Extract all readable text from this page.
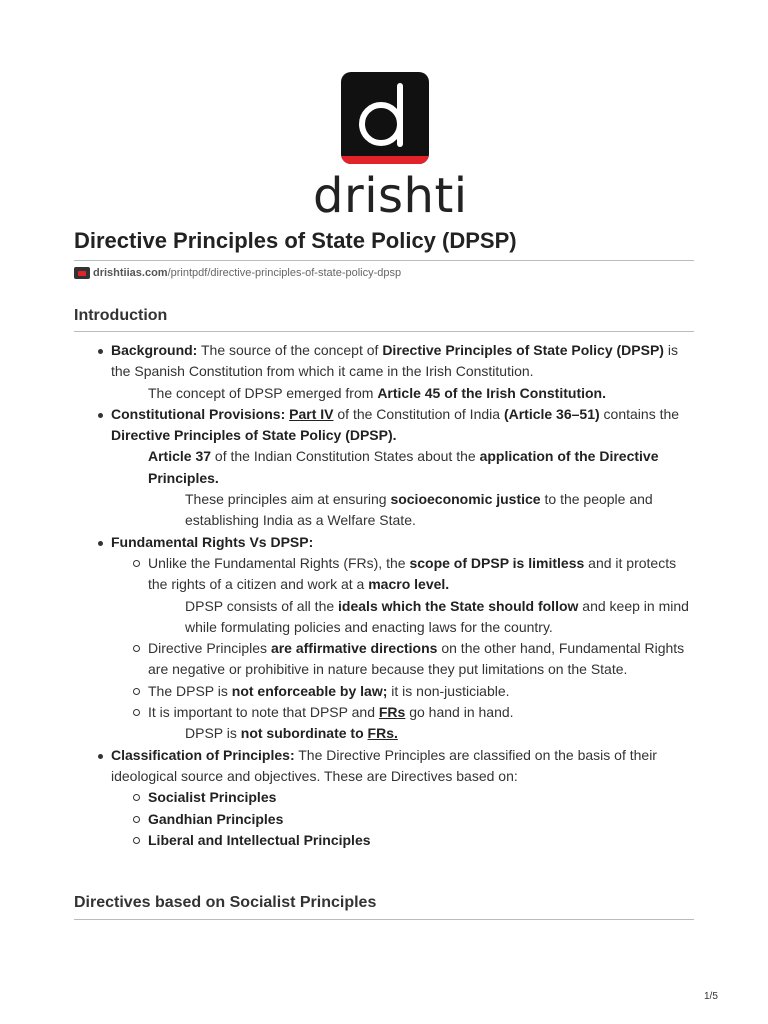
drishti
Directive Principles of State Policy (DPSP)
drishtiias.com /printpdf/directive-principles-of-state-policy-dpsp
Introduction
Background: The source of the concept of Directive Principles of State Policy (DPSP) is the Spanish Constitution from which it came in the Irish Constitution.
The concept of DPSP emerged from Article 45 of the Irish Constitution.
Constitutional Provisions: Part IV of the Constitution of India (Article 36–51) contains the Directive Principles of State Policy (DPSP).
Article 37 of the Indian Constitution States about the application of the Directive Principles.
These principles aim at ensuring socioeconomic justice to the people and establishing India as a Welfare State.
Fundamental Rights Vs DPSP:
Unlike the Fundamental Rights (FRs), the scope of DPSP is limitless and it protects the rights of a citizen and work at a macro level.
DPSP consists of all the ideals which the State should follow and keep in mind while formulating policies and enacting laws for the country.
Directive Principles are affirmative directions on the other hand, Fundamental Rights are negative or prohibitive in nature because they put limitations on the State.
The DPSP is not enforceable by law; it is non-justiciable.
It is important to note that DPSP and FRs go hand in hand.
DPSP is not subordinate to FRs.
Classification of Principles: The Directive Principles are classified on the basis of their ideological source and objectives. These are Directives based on:
Socialist Principles
Gandhian Principles
Liberal and Intellectual Principles
Directives based on Socialist Principles
1/5
